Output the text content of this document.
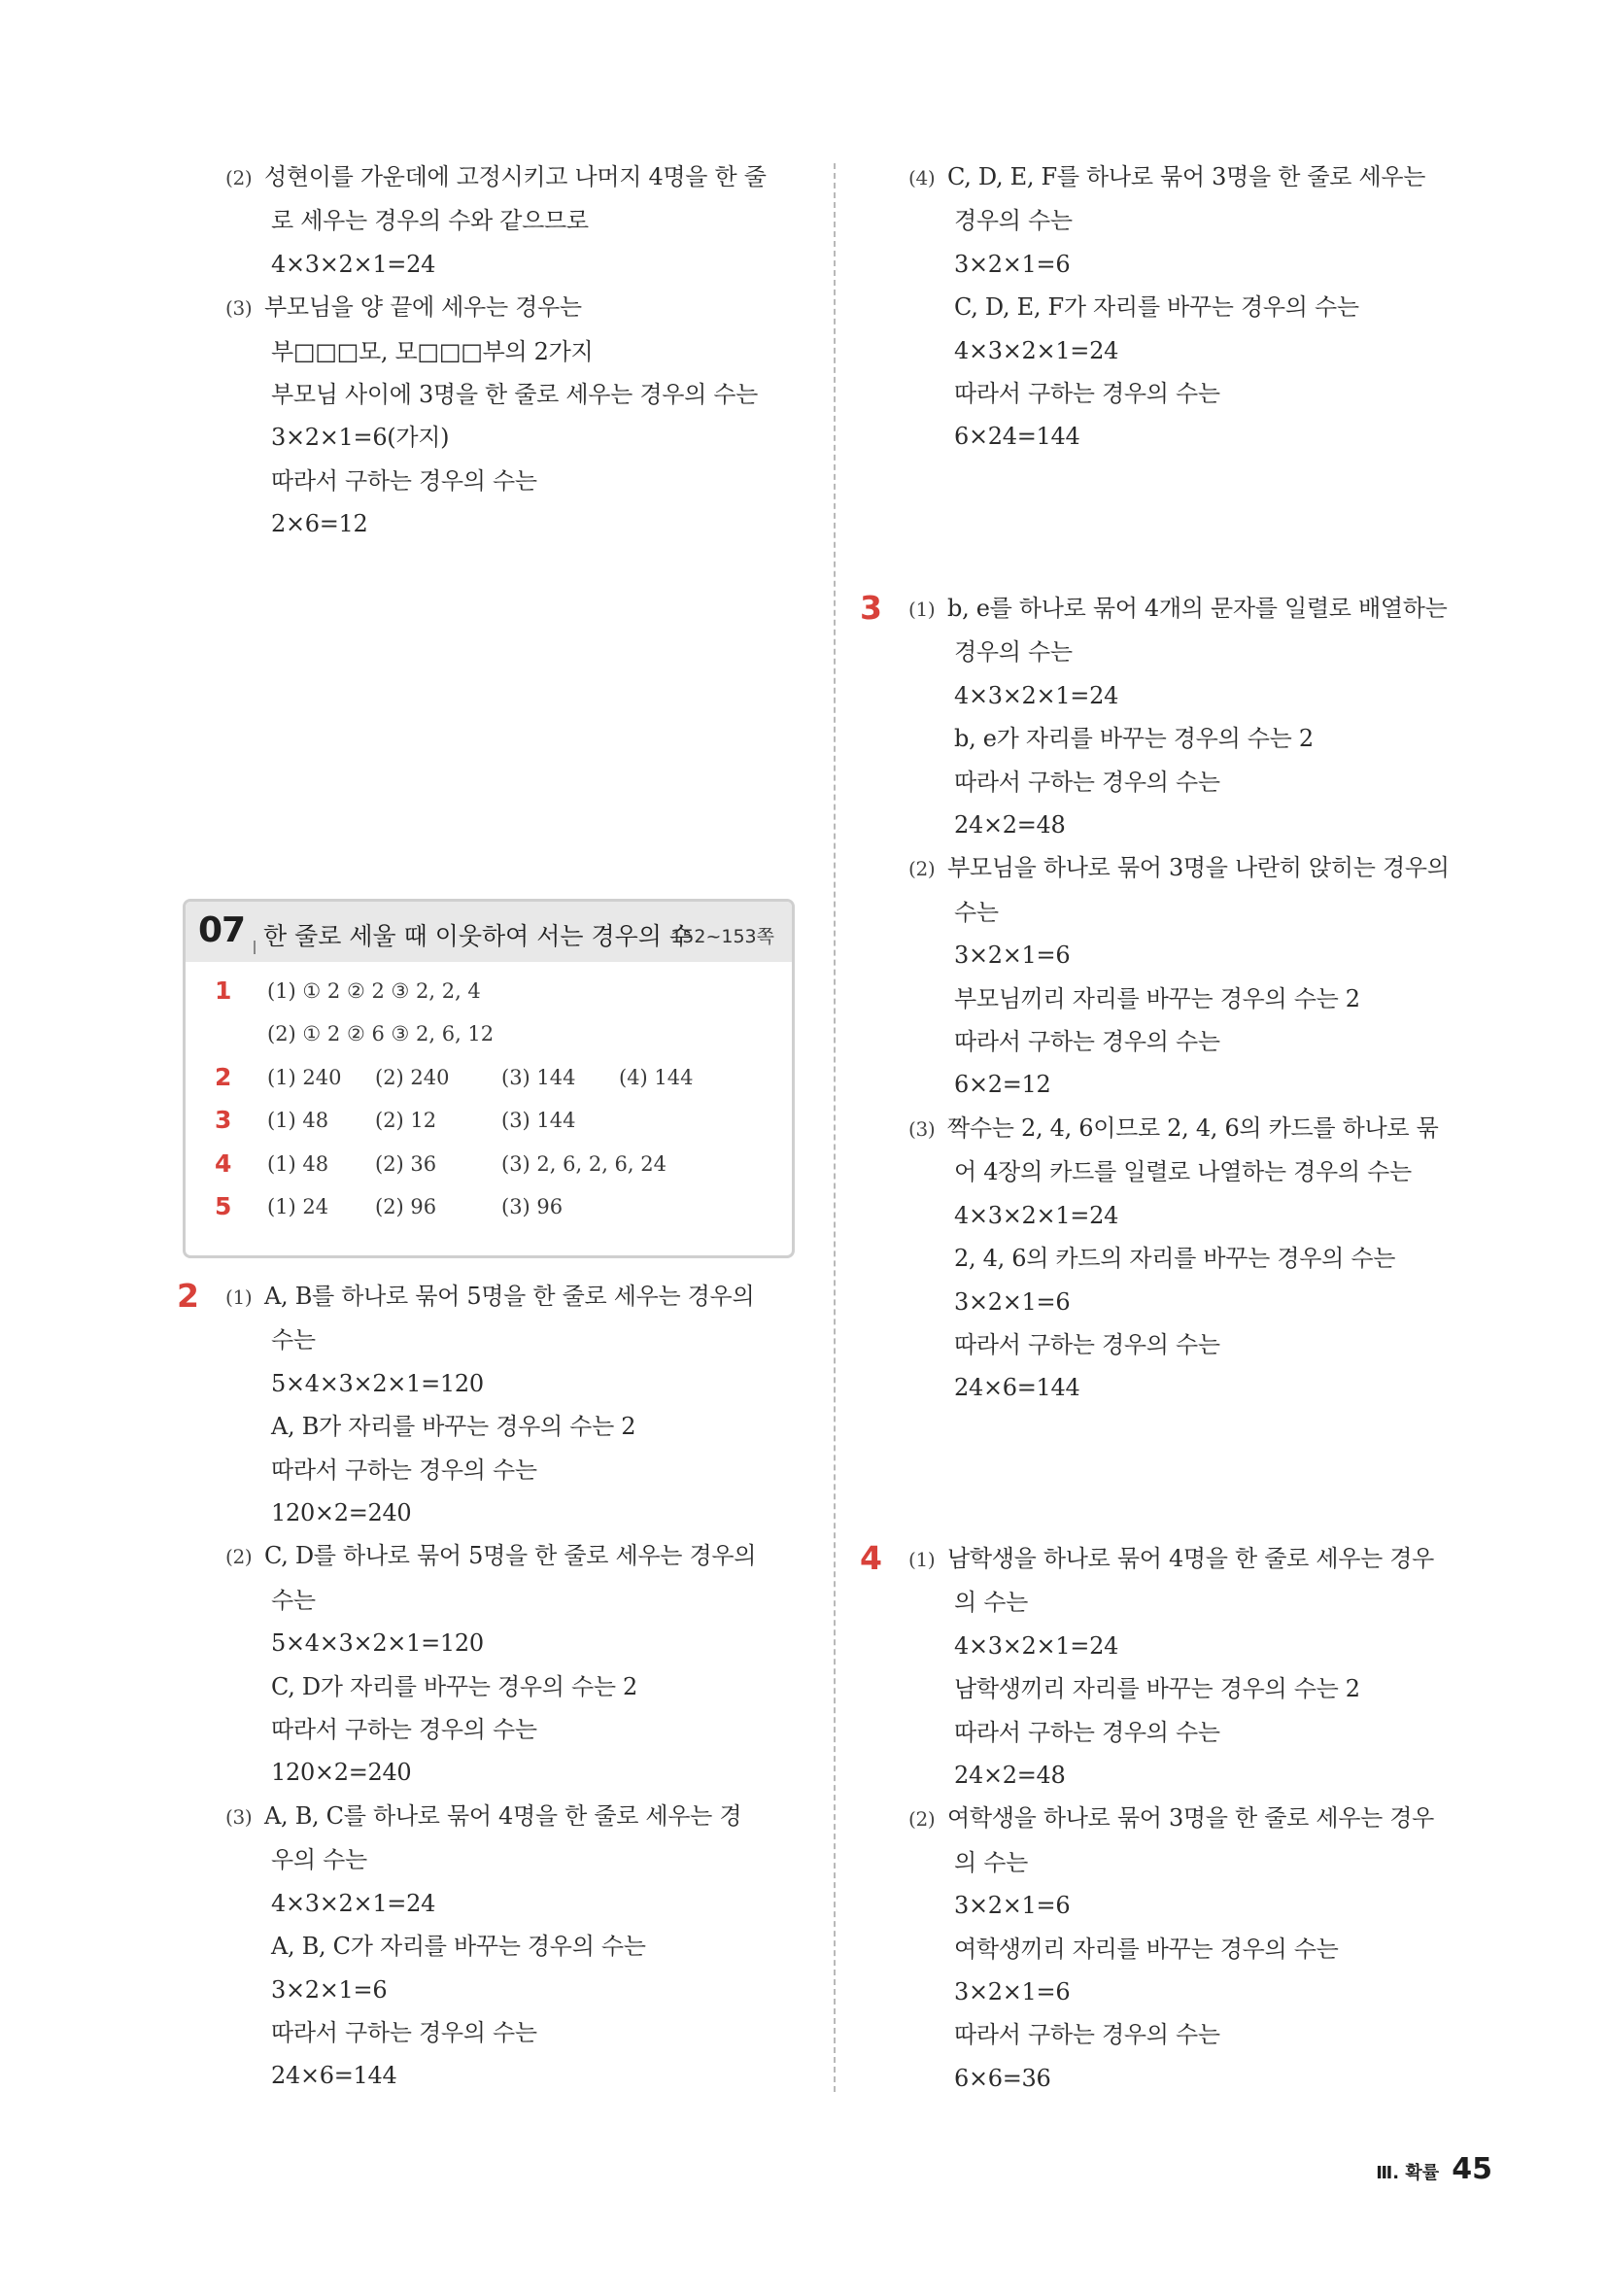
(2) 성현이를 가운데에 고정시키고 나머지 4명을 한 줄
로 세우는 경우의 수와 같으므로
4×3×2×1=24
(3) 부모님을 양 끝에 세우는 경우는
부□□□모, 모□□□부의 2가지
부모님 사이에 3명을 한 줄로 세우는 경우의 수는
3×2×1=6(가지)
따라서 구하는 경우의 수는
2×6=12
2 (1) A, B를 하나로 묶어 5명을 한 줄로 세우는 경우의
수는
5×4×3×2×1=120
A, B가 자리를 바꾸는 경우의 수는 2
따라서 구하는 경우의 수는
120×2=240
(2) C, D를 하나로 묶어 5명을 한 줄로 세우는 경우의
수는
5×4×3×2×1=120
C, D가 자리를 바꾸는 경우의 수는 2
따라서 구하는 경우의 수는
120×2=240
(3) A, B, C를 하나로 묶어 4명을 한 줄로 세우는 경
우의 수는
4×3×2×1=24
A, B, C가 자리를 바꾸는 경우의 수는
3×2×1=6
따라서 구하는 경우의 수는
24×6=144
07 한 줄로 세울 때 이웃하여 서는 경우의 수
152~153쪽
1 (1) ① 2 ② 2 ③ 2, 2, 4
(2) ① 2 ② 6 ③ 2, 6, 12
2 (1) 240 (2) 240	(3) 144 (4) 144
3 (1) 48 (2) 12	(3) 144
4 (1) 48 (2) 36	(3) 2, 6, 2, 6, 24
5 (1) 24 (2) 96	(3) 96
(4) C, D, E, F를 하나로 묶어 3명을 한 줄로 세우는
경우의 수는
3×2×1=6
C, D, E, F가 자리를 바꾸는 경우의 수는
4×3×2×1=24
따라서 구하는 경우의 수는
6×24=144
3 (1) b, e를 하나로 묶어 4개의 문자를 일렬로 배열하는
경우의 수는
4×3×2×1=24
b, e가 자리를 바꾸는 경우의 수는 2
따라서 구하는 경우의 수는
24×2=48
(2) 부모님을 하나로 묶어 3명을 나란히 앉히는 경우의
수는
3×2×1=6
부모님끼리 자리를 바꾸는 경우의 수는 2
따라서 구하는 경우의 수는
6×2=12
(3) 짝수는 2, 4, 6이므로 2, 4, 6의 카드를 하나로 묶
어 4장의 카드를 일렬로 나열하는 경우의 수는
4×3×2×1=24
2, 4, 6의 카드의 자리를 바꾸는 경우의 수는
3×2×1=6
따라서 구하는 경우의 수는
24×6=144
4 (1) 남학생을 하나로 묶어 4명을 한 줄로 세우는 경우
의 수는
4×3×2×1=24
남학생끼리 자리를 바꾸는 경우의 수는 2
따라서 구하는 경우의 수는
24×2=48
(2) 여학생을 하나로 묶어 3명을 한 줄로 세우는 경우
의 수는
3×2×1=6
여학생끼리 자리를 바꾸는 경우의 수는
3×2×1=6
따라서 구하는 경우의 수는
6×6=36
Ⅲ. 확률 45
